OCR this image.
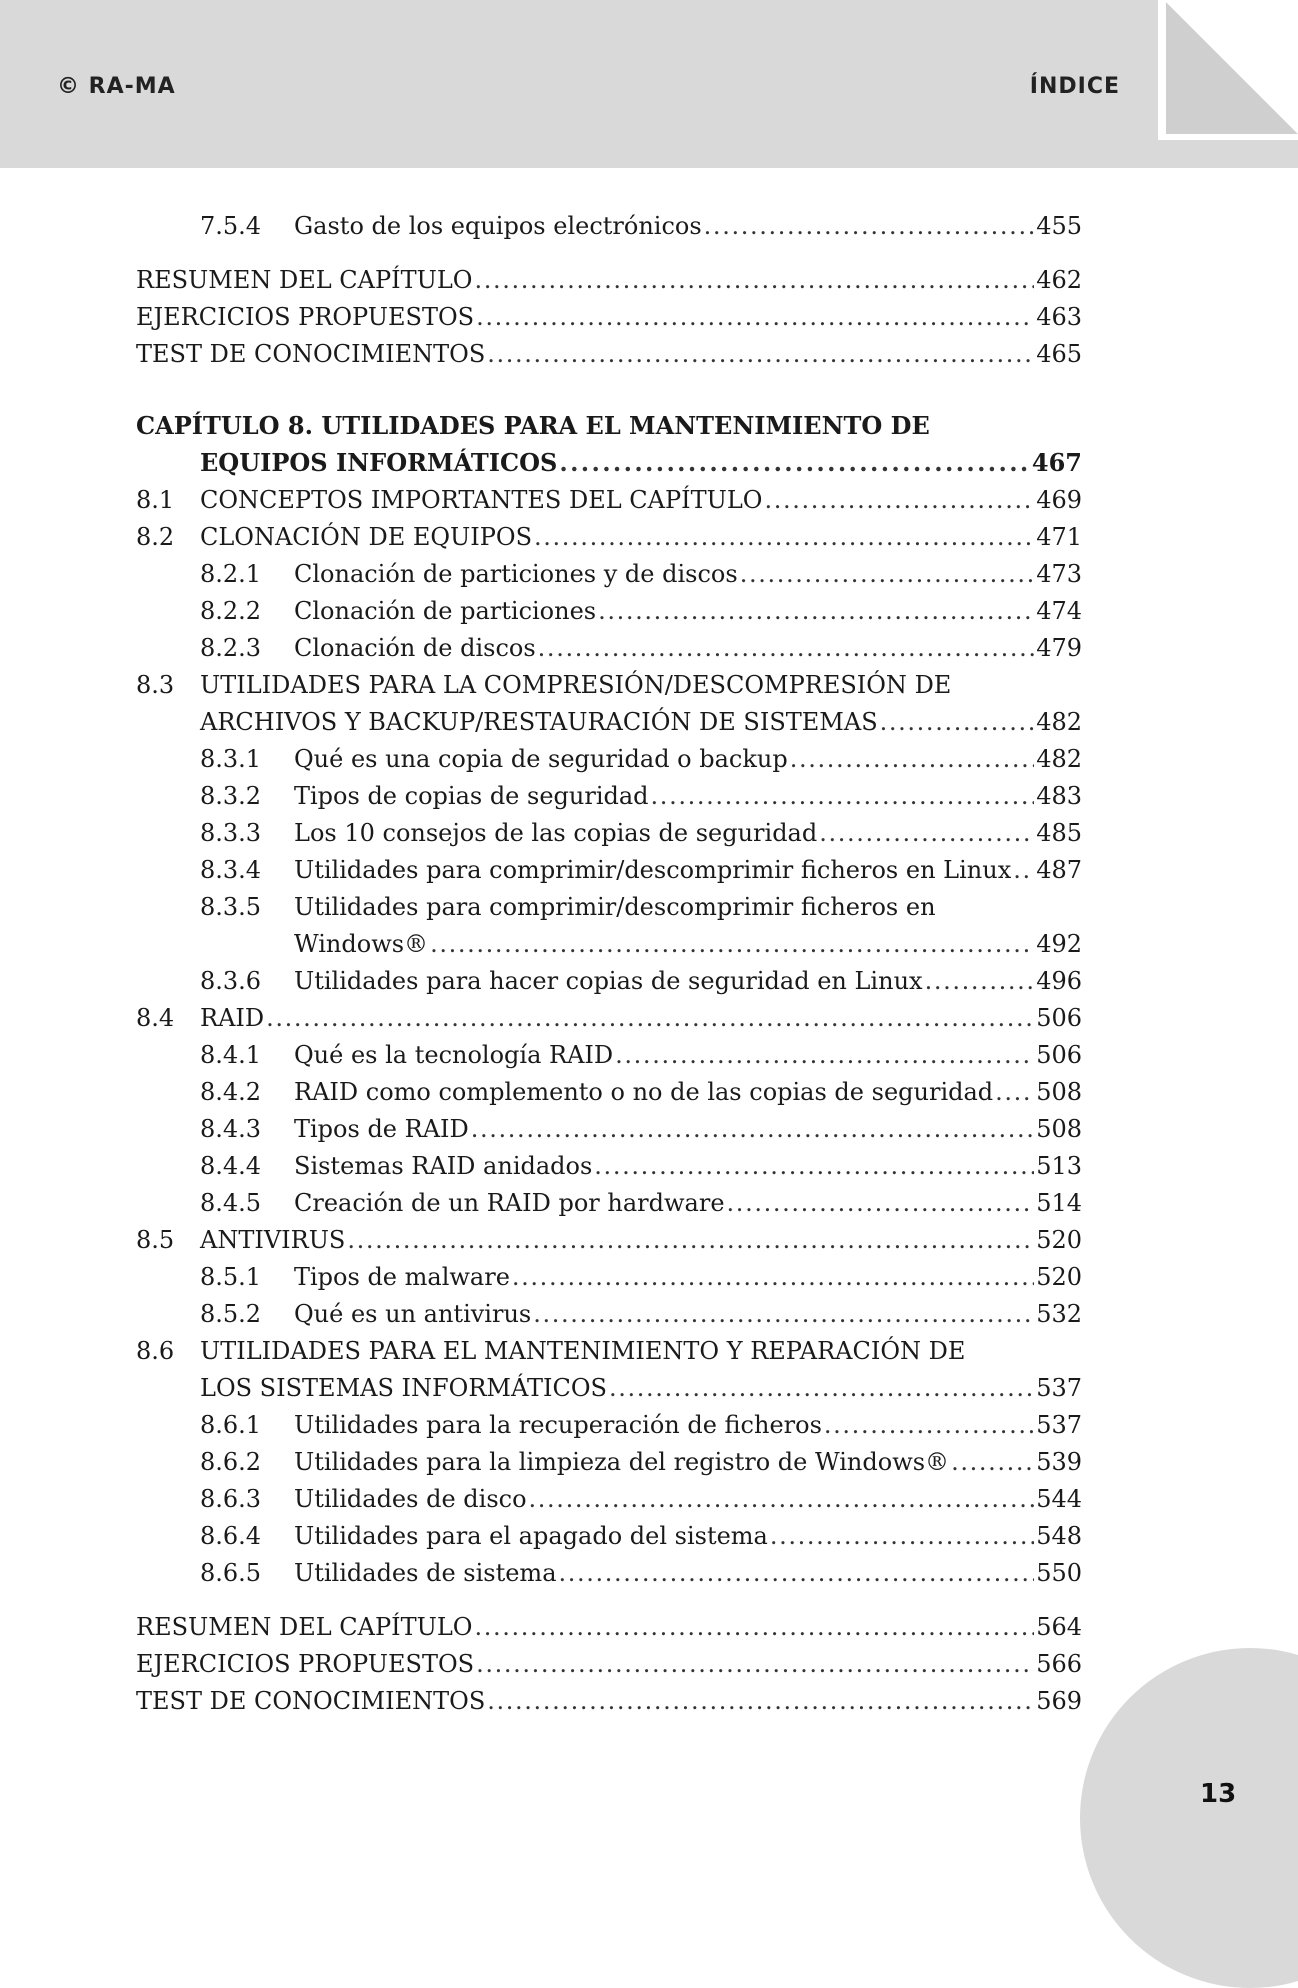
© RA-MA	ÍNDICE
7.5.4	Gasto de los equipos electrónicos . . .	455
RESUMEN DEL CAPÍTULO . . .	462
EJERCICIOS PROPUESTOS . . .	463
TEST DE CONOCIMIENTOS . . .	465
CAPÍTULO 8. UTILIDADES PARA EL MANTENIMIENTO DE
EQUIPOS INFORMÁTICOS . . .	467
8.1	CONCEPTOS IMPORTANTES DEL CAPÍTULO . . .	469
8.2	CLONACIÓN DE EQUIPOS . . .	471
8.2.1	Clonación de particiones y de discos . . .	473
8.2.2	Clonación de particiones . . .	474
8.2.3	Clonación de discos . . .	479
8.3 UTILIDADES PARA LA COMPRESIÓN/DESCOMPRESIÓN DE
ARCHIVOS Y BACKUP/RESTAURACIÓN DE SISTEMAS . . .	482
8.3.1	Qué es una copia de seguridad o backup . . .	482
8.3.2	Tipos de copias de seguridad . . .	483
8.3.3	Los 10 consejos de las copias de seguridad . . .	485
8.3.4	Utilidades para comprimir/descomprimir ficheros en Linux . . . 487
8.3.5 Utilidades para comprimir/descomprimir ficheros en
Windows® . . .	492
8.3.6	Utilidades para hacer copias de seguridad en Linux . . .	496
8.4	RAID . . .	506
8.4.1	Qué es la tecnología RAID . . .	506
8.4.2	RAID como complemento o no de las copias de seguridad . . . 508
8.4.3	Tipos de RAID . . .	508
8.4.4	Sistemas RAID anidados . . .	513
8.4.5	Creación de un RAID por hardware . . .	514
8.5	ANTIVIRUS . . .	520
8.5.1	Tipos de malware . . .	520
8.5.2	Qué es un antivirus . . .	532
8.6 UTILIDADES PARA EL MANTENIMIENTO Y REPARACIÓN DE
LOS SISTEMAS INFORMÁTICOS . . .	537
8.6.1	Utilidades para la recuperación de ficheros . . .	537
8.6.2	Utilidades para la limpieza del registro de Windows® . . .	539
8.6.3	Utilidades de disco . . .	544
8.6.4	Utilidades para el apagado del sistema . . .	548
8.6.5	Utilidades de sistema . . .	550
RESUMEN DEL CAPÍTULO . . .	564
EJERCICIOS PROPUESTOS . . .	566
TEST DE CONOCIMIENTOS . . .	569
13
